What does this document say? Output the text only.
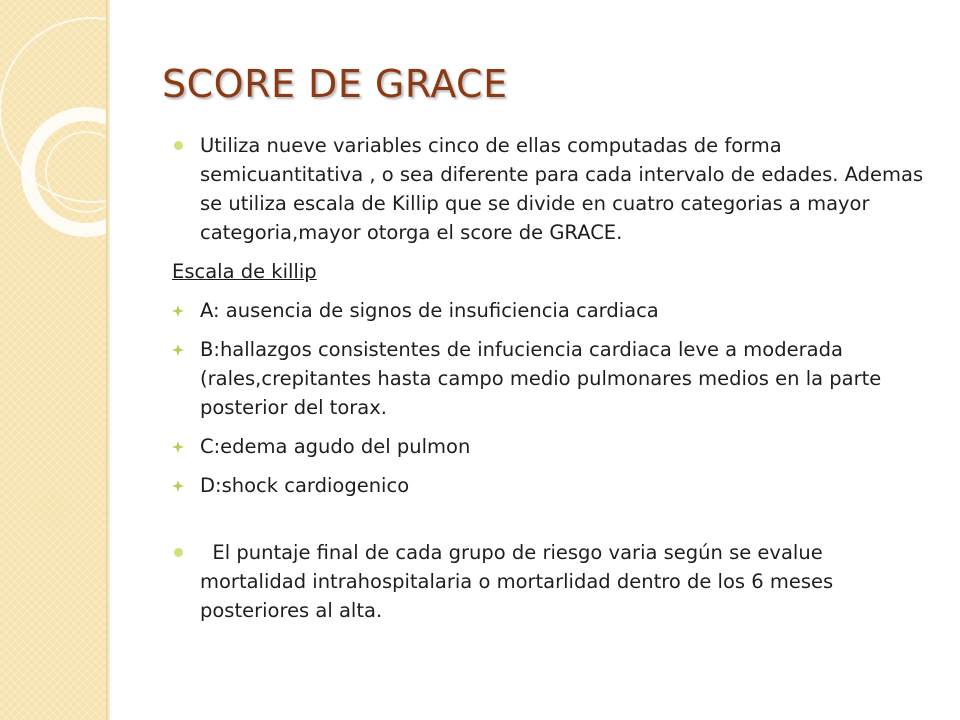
SCORE DE GRACE

Utiliza nueve variables cinco de ellas computadas de forma semicuantitativa , o sea diferente para cada intervalo de edades. Ademas se utiliza escala de Killip que se divide en cuatro categorias a mayor categoria,mayor otorga el score de GRACE.

Escala de killip

A: ausencia de signos de insuficiencia cardiaca
B:hallazgos consistentes de infuciencia cardiaca leve a moderada (rales,crepitantes hasta campo medio pulmonares medios en la parte posterior del torax.
C:edema agudo del pulmon
D:shock cardiogenico

El puntaje final de cada grupo de riesgo varia según se evalue mortalidad intrahospitalaria o mortarlidad dentro de los 6 meses posteriores al alta.
